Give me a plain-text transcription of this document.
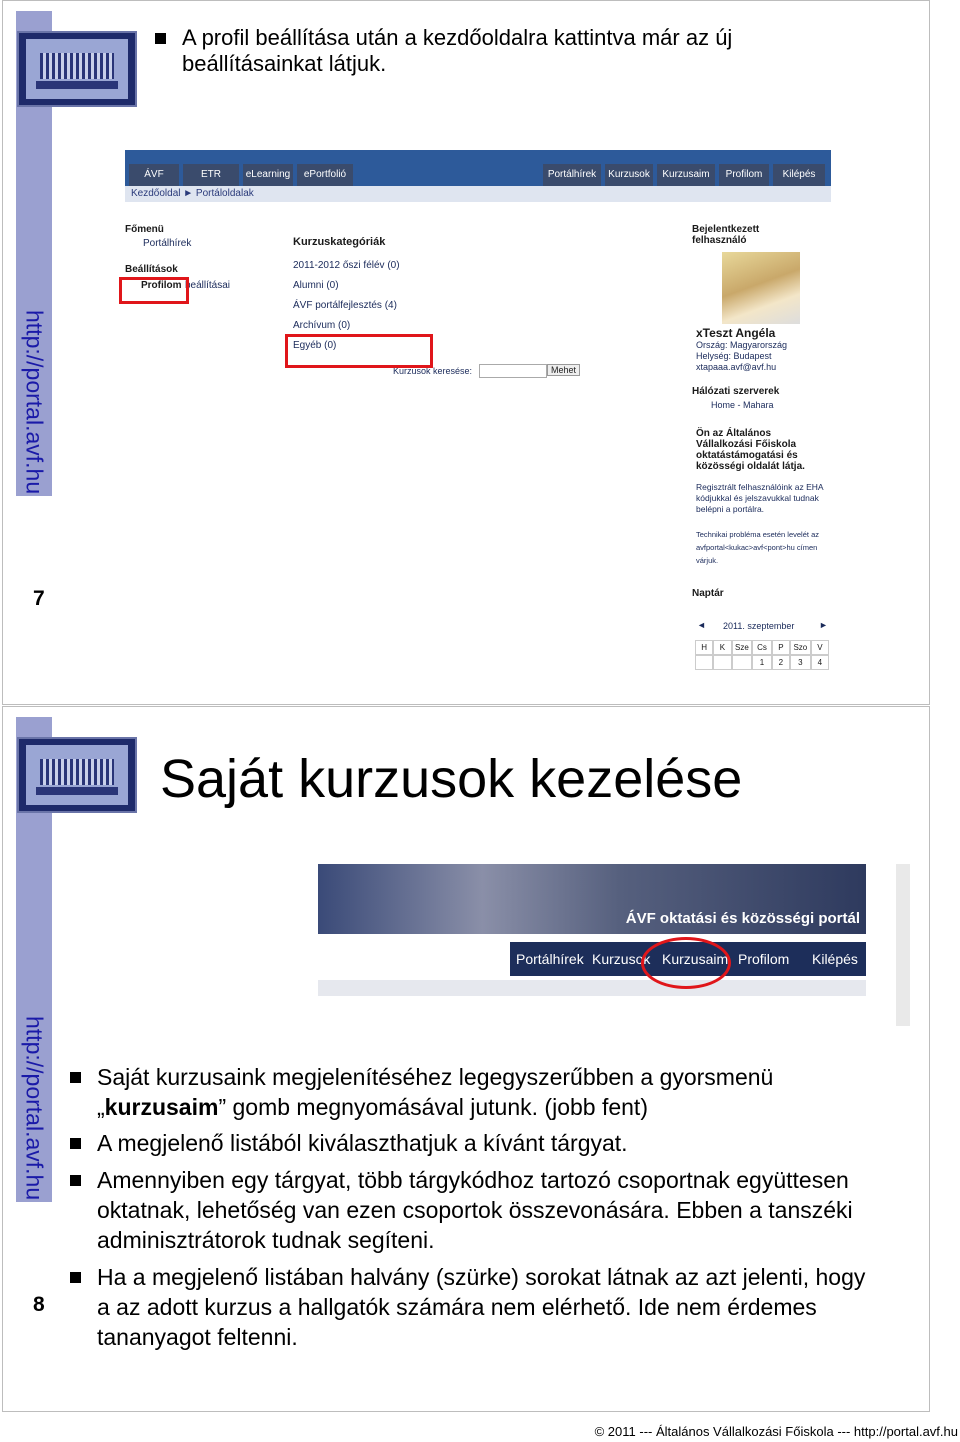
http://portal.avf.hu
A profil beállítása után a kezdőoldalra kattintva már az új beállításainkat látjuk.
7
ÁVF	ETR	eLearning	ePortfolió	Portálhírek	Kurzusok	Kurzusaim	Profilom	Kilépés
Kezdőoldal ► Portáloldalak
Főmenü
Portálhírek
Beállítások
Profilom beállításai
Kurzuskategóriák
2011-2012 őszi félév (0)
Alumni (0)
ÁVF portálfejlesztés (4)
Archívum (0)
Egyéb (0)
Kurzusok keresése:	Mehet
Bejelentkezett felhasználó
xTeszt Angéla
Ország: Magyarország
Helység: Budapest
xtapaaa.avf@avf.hu
Hálózati szerverek
Home - Mahara
Ön az Általános Vállalkozási Főiskola oktatástámogatási és közösségi oldalát látja.
Regisztrált felhasználóink az EHA kódjukkal és jelszavukkal tudnak belépni a portálra.
Technikai probléma esetén levelét az avfportal<kukac>avf<pont>hu címen várjuk.
Naptár
◄ 2011. szeptember	►
H	K	Sze	Cs	P	Szo	V
			1	2	3	4
http://portal.avf.hu
8
Saját kurzusok kezelése
ÁVF oktatási és közösségi portál
Portálhírek Kurzusok Kurzusaim Profilom Kilépés
Saját kurzusaink megjelenítéséhez legegyszerűbben a gyorsmenü „kurzusaim” gomb megnyomásával jutunk. (jobb fent)
A megjelenő listából kiválaszthatjuk a kívánt tárgyat.
Amennyiben egy tárgyat, több tárgykódhoz tartozó csoportnak együttesen oktatnak, lehetőség van ezen csoportok összevonására. Ebben a tanszéki adminisztrátorok tudnak segíteni.
Ha a megjelenő listában halvány (szürke) sorokat látnak az azt jelenti, hogy a az adott kurzus a hallgatók számára nem elérhető. Ide nem érdemes tananyagot feltenni.
© 2011 --- Általános Vállalkozási Főiskola --- http://portal.avf.hu
